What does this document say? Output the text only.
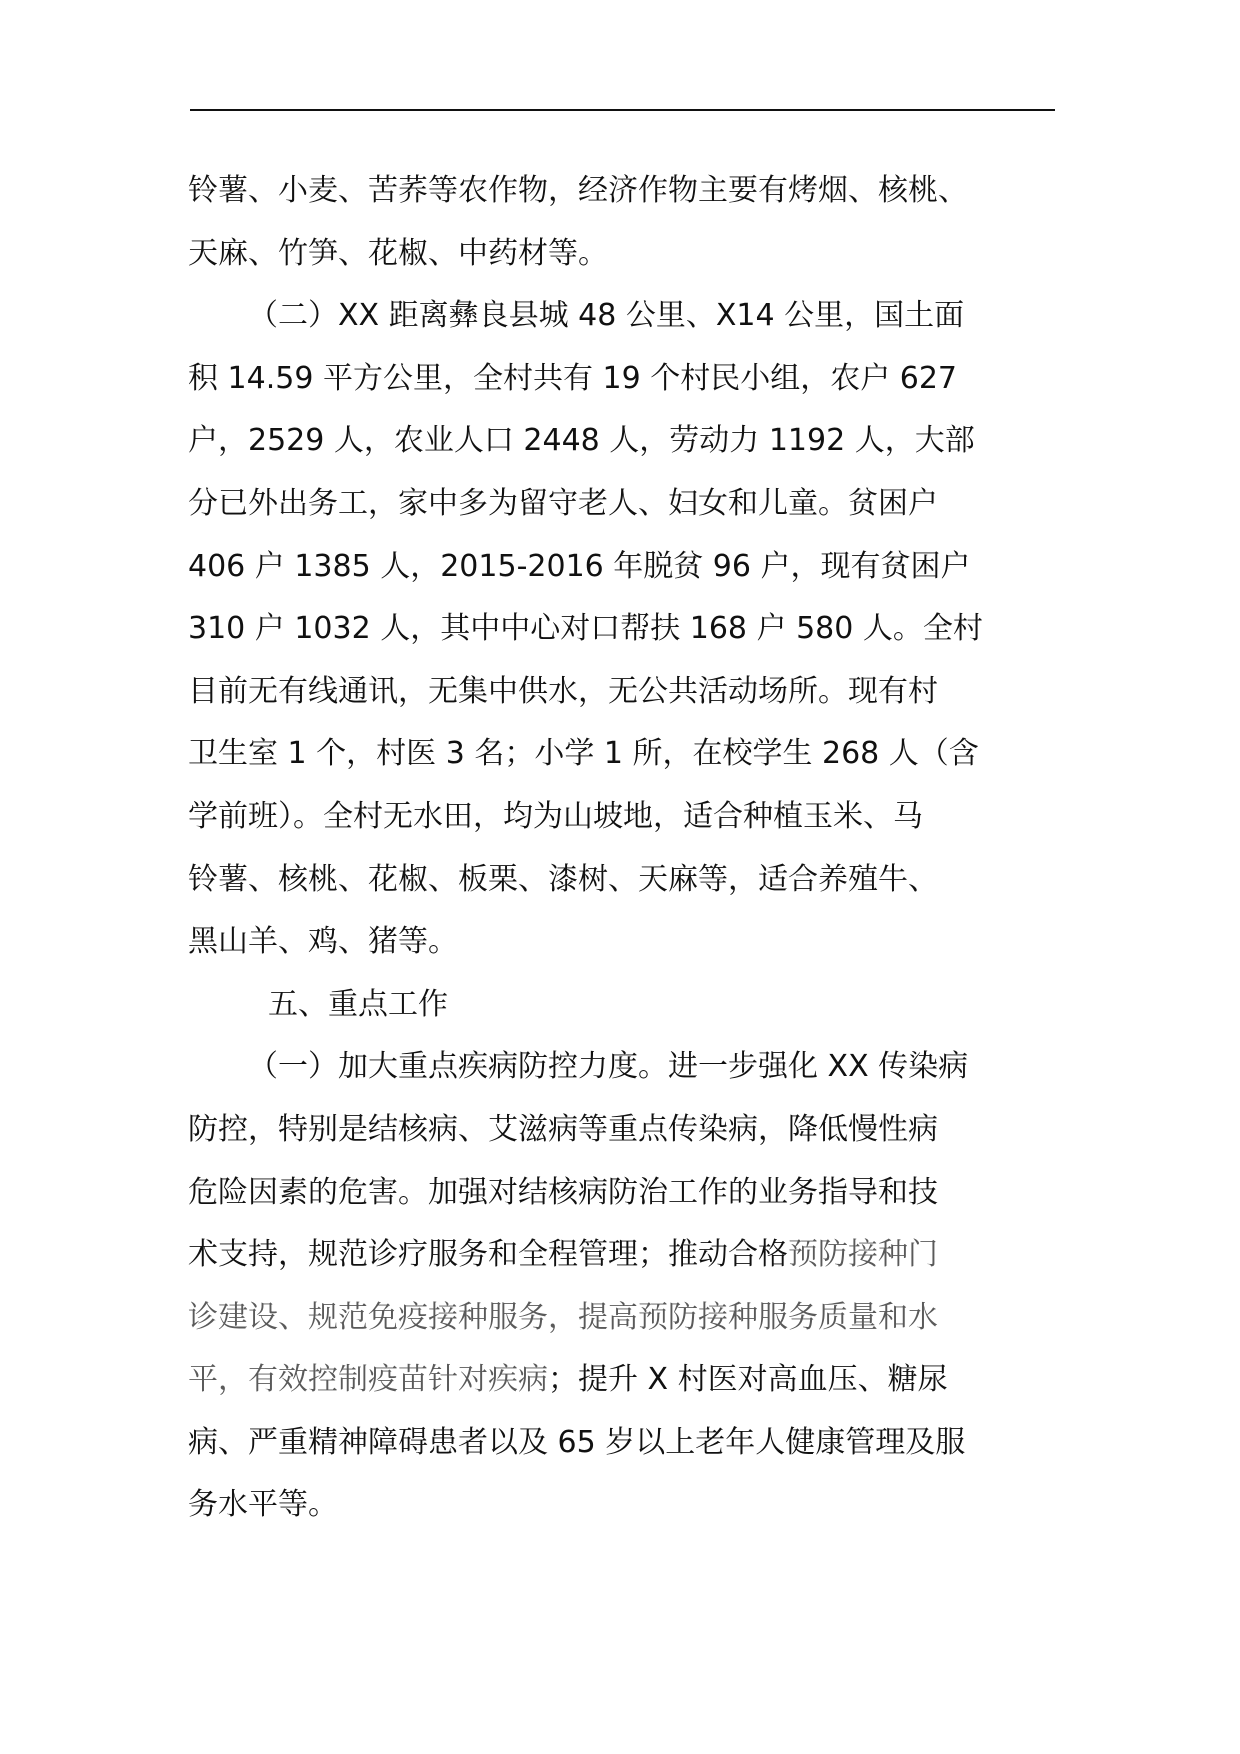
铃薯、小麦、苦荞等农作物，经济作物主要有烤烟、核桃、
天麻、竹笋、花椒、中药材等。
（二）XX 距离彝良县城 48 公里、X14 公里，国土面
积 14.59 平方公里，全村共有 19 个村民小组，农户 627
户，2529 人，农业人口 2448 人，劳动力 1192 人，大部
分已外出务工，家中多为留守老人、妇女和儿童。贫困户
406 户 1385 人，2015-2016 年脱贫 96 户，现有贫困户
310 户 1032 人，其中中心对口帮扶 168 户 580 人。全村
目前无有线通讯，无集中供水，无公共活动场所。现有村
卫生室 1 个，村医 3 名；小学 1 所，在校学生 268 人（含
学前班）。全村无水田，均为山坡地，适合种植玉米、马
铃薯、核桃、花椒、板栗、漆树、天麻等，适合养殖牛、
黑山羊、鸡、猪等。
五、重点工作
（一）加大重点疾病防控力度。进一步强化 XX 传染病
防控，特别是结核病、艾滋病等重点传染病，降低慢性病
危险因素的危害。加强对结核病防治工作的业务指导和技
术支持，规范诊疗服务和全程管理；推动合格预防接种门
诊建设、规范免疫接种服务，提高预防接种服务质量和水
平，有效控制疫苗针对疾病；提升 X 村医对高血压、糖尿
病、严重精神障碍患者以及 65 岁以上老年人健康管理及服
务水平等。
